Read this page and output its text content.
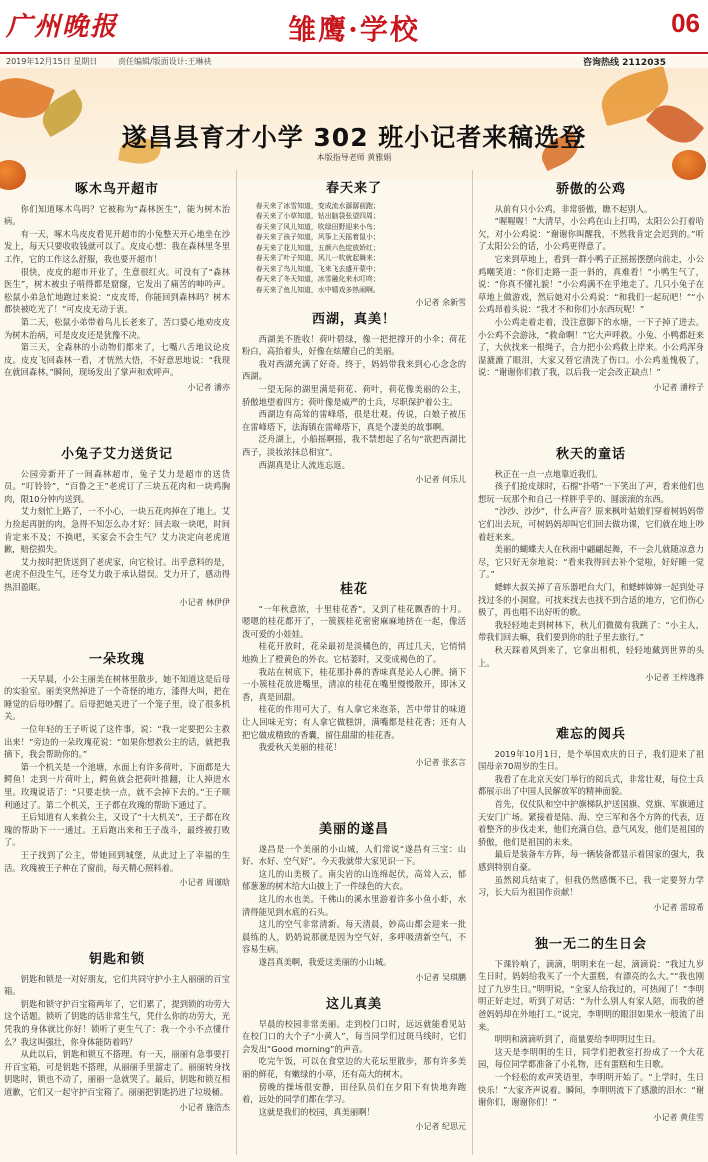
广州晚报	雏鹰·学校	06
2019年12月15日 星期日	责任编辑/版面设计:王琳袂	咨询热线 2112035
遂昌县育才小学 302 班小记者来稿选登
本版指导老师 黄雅娟
啄木鸟开超市

你们知道啄木鸟吗？它被称为“森林医生”，能为树木治病。

有一天，啄木鸟皮皮看见开超市的小兔整天开心地坐在沙发上，每天只要收收钱就可以了。皮皮心想：我在森林里冬里工作，它的工作这么舒服，我也要开超市！

很快，皮皮的超市开业了，生意很红火。可没有了“森林医生”，树木被虫子啃得都是窟窿，它发出了痛苦的呻吟声。松鼠小弟急忙地跑过来说：“皮皮哥，你能回到森林吗？树木都快被吃光了！”可皮皮无动于衷。

第二天，松鼠小弟带着鸟儿长老来了，苦口婆心地劝皮皮为树木治病，可是皮皮还是犹豫不决。

第三天，全森林的小动物们都来了，七嘴八舌地议论皮皮。皮皮飞回森林一看，才恍然大悟，不好意思地说：“我现在就回森林。”瞬间，现场发出了掌声和欢呼声。

小记者 潘亦

小兔子艾力送货记

公园旁新开了一间森林超市，兔子艾力是超市的送货员。“叮铃铃”，“百鲁之王”老虎订了三块五花肉和一块鸡胸肉，限10分钟内送到。

艾力刻忙上路了，一不小心，一块五花肉掉在了地上。艾力捡起再脏的肉，急得不知怎么办才好：回去取一块吧，时间肯定来不及；不换吧，买家会不会生气？艾力决定向老虎道歉，赔偿损失。

艾力按时把货送到了老虎家，向它检讨。出乎意料的是，老虎不但没生气，还夸艾力敢于承认错误。艾力开了，感动得热泪盈眶。

小记者 林伊伊

一朵玫瑰

一天早晨，小公主丽美在树林里散步，她不知道这是后母的实验室。丽美突然掉进了一个奇怪的地方，漆得大叫，把在睡觉的后母吵醒了。后母把她关进了一个笼子里，设了很多机关。

一位年轻的王子听说了这件事，说：“我一定要把公主救出来！”旁边的一朵玫瑰花说：“如果你想救公主的话，就把我摘下，我会帮助你的。”

第一个机关是一个池塘，水面上有许多荷叶，下面都是大鳄鱼！走到一片荷叶上，鳄鱼就会把荷叶推翻，让人掉进水里。玫瑰说话了：“只要走快一点，就不会掉下去的。”王子顺利通过了。第二个机关，王子都在玫瑰的帮助下通过了。

王后知道有人来救公主，又设了“十大机关”，王子都在玫瑰的帮助下一一通过。王后跑出来和王子战斗，最终被打败了。

王子找到了公主，带她回到城堡，从此过上了幸福的生活。玫瑰被王子种在了窗前，每天精心照料着。

小记者 周谨晗

钥匙和锁

钥匙和锁是一对好朋友，它们共同守护小主人丽丽的百宝箱。

钥匙和锁守护百宝箱两年了，它们累了，提到锁的功劳大这个话题。锁听了钥匙的话非常生气，凭什么你的功劳大，光凭我的身体就比你好！锁听了更生气了：我一个小不点懂什么？我这叫强壮，你身体能防着吗？

从此以后，钥匙和锁互不搭理。有一天，丽丽有急事要打开百宝箱，可是钥匙不搭理，从丽丽手里溜走了。丽丽转身找钥匙时，锁也不动了，丽丽一急就哭了。最后，钥匙和锁互相道歉，它们又一起守护百宝箱了。丽丽把钥匙扔进了垃圾桶。

小记者 施浩杰

春天来了

春天来了冰雪知道，变成流水潺潺前跑；

春天来了小草知道，钻出脑袋张望四周；

春天来了风儿知道，吹绿田野迎来小鸟；

春天来了孩子知道，风筝上天摇着鼠小；

春天来了花儿知道，五颜六色绽放娇红；

春天来了叶子知道，风儿一吹就起舞来；

春天来了鸟儿知道，飞来飞去盛开蒙中；

春天来了冬天知道，冰雪融化来水叮咚；

春天来了鱼儿知道，水中嬉戏多热闹啊。

小记者 余新雪

西湖，真美！

西湖美不胜收！荷叶碧绿，像一把把撑开的小伞；荷花粉白，高抬着头，好像在炫耀自己的美丽。

我对西湖充满了好奇。终于，妈妈带我来到心心念念的西湖。

一望无际的湖里满是荷花、荷叶，荷花像美丽的公主，骄傲地望着四方；荷叶像是威严的士兵，尽职保护着公主。

西湖边有高耸的雷峰塔，很是壮观。传说，白娘子被压在雷峰塔下，法海镇在雷峰塔下，真是个凄美的故事啊。

泛舟湖上，小船摇啊摇，我不禁想起了名句“欲把西湖比西子，淡妆浓抹总相宜”。

西湖真是让人流连忘返。

小记者 何乐儿

桂花

“一年秋意浓，十里桂花香”，又到了桂花飘香的十月。嗯嗯的桂花都开了，一簇簇桂花密密麻麻地挤在一起，像活泼可爱的小娃娃。

桂花开放时，花朵最初是淡橘色的，再过几天，它悄悄地换上了橙黄色的外衣。它枯萎时，又变成褐色的了。

我站在树底下，桂花那扑鼻的香味真是沁人心脾。摘下一小簇桂花放进嘴里，清凉的桂花在嘴里慢慢散开，即沐又香，真是回甜。

桂花的作用可大了，有人拿它来泡茶，苦中带甘的味道让人回味无穷；有人拿它做糕饼，满嘴都是桂花香；还有人把它做成精致的香囊，留住甜甜的桂花香。

我爱秋天美丽的桂花！

小记者 张玄言

美丽的遂昌

遂昌是一个美丽的小山城，人们常说“遂昌有三宝：山好、水好、空气好”。今天我就带大家见识一下。

这儿的山美极了。南尖岩的山连绵起伏，高耸入云，郁郁葱葱的树木给大山披上了一件绿色的大衣。

这儿的水也美。千佛山的溪水里游着许多小鱼小虾，水清得能见到水底的石头。

这儿的空气非常清新。每天清晨，妙高山都会迎来一批晨练的人，奶奶说那就是因为空气好，多呼吸清新空气，不容易生病。

遂昌真美啊，我爱这美丽的小山城。

小记者 吴琪鹏

这儿真美

早晨的校园非常美丽。走到校门口时，远远就能看见站在校门口的大个子“小黄人”，每当同学们过斑马线时，它们会发出“Good morning”的声音。

吃完午饭，可以在食堂边的大花坛里散步，那有许多美丽的鲜花，有嫩绿的小草，还有高大的树木。

傍晚的操场很安静，田径队员们在夕阳下有快地奔跑着，远处的同学们都在学习。

这就是我们的校园，真美丽啊！

小记者 纪思元

骄傲的公鸡

从前有只小公鸡，非常骄傲，瞧不起别人。

“喔喔喔！”大清早，小公鸡在山上打鸣，太阳公公打着哈欠，对小公鸡说：“谢谢你叫醒我，不然我肯定会迟到的。”听了太阳公公的话，小公鸡更得意了。

它来到草地上，看到一群小鸭子正摇摇摆摆向前走，小公鸡嘲笑道：“你们走路一歪一斜的，真难看！”小鸭生气了，说：“你真不懂礼貌！”小公鸡满不在乎地走了。几只小兔子在草地上做游戏，然后她对小公鸡说：“和我们一起玩吧！”“小公鸡昂着头说：“我才不和你们小东西玩呢！”

小公鸡走着走着，没注意脚下的水塘，一下子掉了进去。小公鸡不会游泳，“救命啊！”它大声呼救。小兔、小鸭都赶来了，大伙找来一根绳子，合力把小公鸡救上岸来。小公鸡浑身湿漉漉了眼泪，大家又替它清洗了伤口。小公鸡羞愧极了，说：“谢谢你们救了我，以后我一定会改正缺点！”

小记者 潘梓子

秋天的童话

秋正在一点一点地靠近我们。

孩子们抢皮球时，石榴“扑嗒”一下笑出了声，看来他们也想玩一玩那个和自己一样胖乎乎的、圆滚滚的东西。

“沙沙、沙沙”，什么声音？原来枫叶姑娘们穿着树妈妈带它们出去玩，可树妈妈却叫它们回去做功课，它们就在地上吵着赶来来。

美丽的蝴蝶夫人在秋雨中翩翩起舞，不一会儿就随凉意力尽，它只好无奈地说：“看来我得回去补个觉啦，好好睡一觉了。”

蟋蟀大叔关掉了音乐器吧台大门，和蟋蟀婶婶一起到处寻找过冬的小洞窟。可找来找去也找不到合适的地方，它们伤心极了，再也唱不出好听的歌。

我轻轻地走到树林下，秋儿们微微有我跳了：“小主人，带我们回去嘛，我们要到你的肚子里去旅行。”

秋天踩着风到来了，它拿出相机，轻轻地戴到世界的头上。

小记者 王梓逸骅

难忘的阅兵

2019年10月1日，是个举国欢庆的日子，我们迎来了祖国母亲70周岁的生日。

我看了在北京天安门举行的阅兵式，非常壮观，每位士兵都展示出了中国人民解放军的精神面貌。

首先，仪仗队和空中护旗梯队护送国旗、党旗、军旗通过天安门广场。紧接着是陆、海、空三军和各个方阵的代表，迈着整齐的步伐走来，他们充满自信，意气风发，他们是祖国的骄傲，他们是祖国的未来。

最后是装备车方阵，每一辆装备都显示着国家的强大，我感到特别自豪。

虽然阅兵结束了，但我仍然感慨不已，我一定要努力学习，长大后为祖国作贡献！

小记者 雷琼希

独一无二的生日会

下课铃响了，滴滴，明明来在一起，滴滴说：“我过九岁生日时，妈妈给我买了一个大蛋糕，有漂亮的么大。”“我也刚过了九岁生日。”明明说，“全家人给我过的，可热闹了！”李明明正好走过，听到了对话：“为什么别人有家人陪，而我的爸爸妈妈却在外地打工。”说完，李明明的眼泪如果水一般流了出来。

明明和滴滴听到了，商量要给李明明过生日。

这天是李明明的生日，同学们把教室打扮成了一个大花园，每位同学都准备了小礼物，还有蛋糕和生日歌。

一个轻松的欢声笑语里，李明明开始了。“上学时，生日快乐！”大家齐声说着。瞬间，李明明流下了感激的泪水：“谢谢你们，谢谢你们！”

小记者 黄佳雪
